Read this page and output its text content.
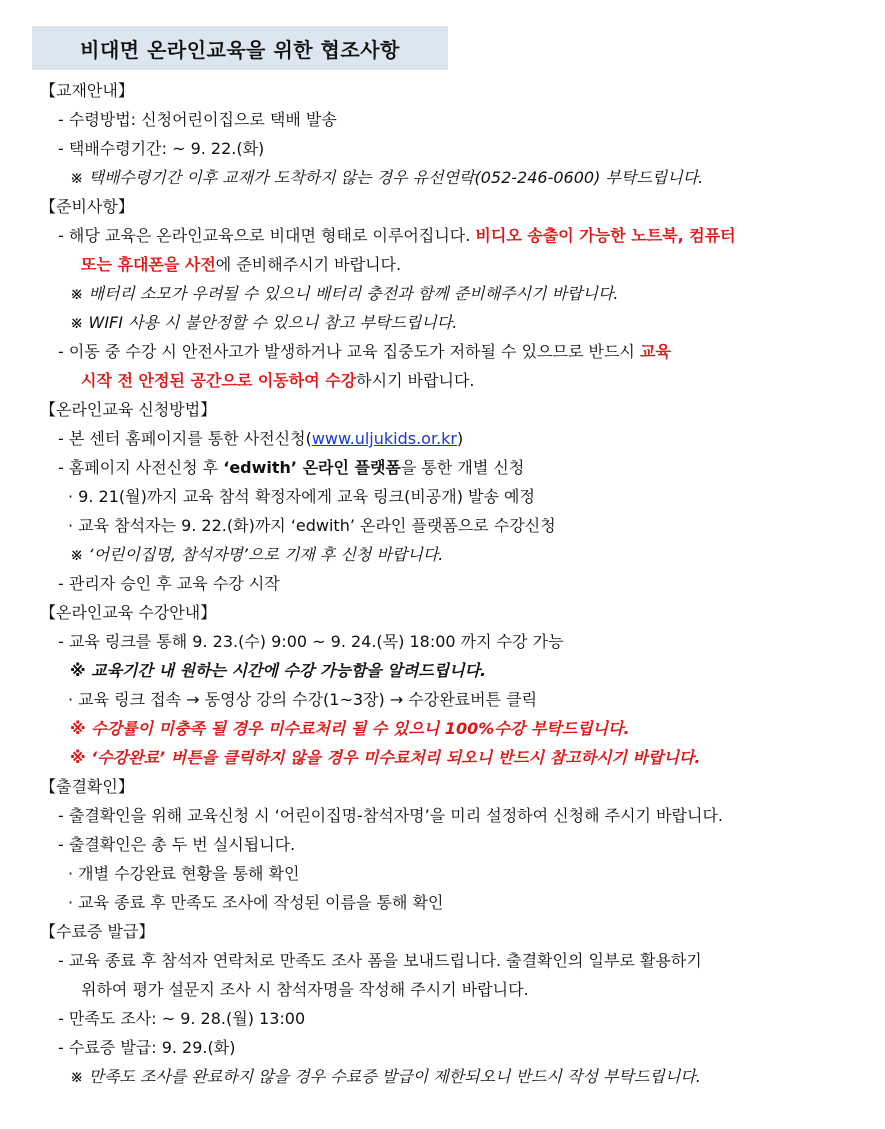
비대면 온라인교육을 위한 협조사항
【교재안내】
- 수령방법: 신청어린이집으로 택배 발송
- 택배수령기간: ~ 9. 22.(화)
※ 택배수령기간 이후 교재가 도착하지 않는 경우 유선연락(052-246-0600) 부탁드립니다.
【준비사항】
- 해당 교육은 온라인교육으로 비대면 형태로 이루어집니다. 비디오 송출이 가능한 노트북, 컴퓨터
또는 휴대폰을 사전에 준비해주시기 바랍니다.
※ 배터리 소모가 우려될 수 있으니 배터리 충전과 함께 준비해주시기 바랍니다.
※ WIFI 사용 시 불안정할 수 있으니 참고 부탁드립니다.
- 이동 중 수강 시 안전사고가 발생하거나 교육 집중도가 저하될 수 있으므로 반드시 교육
시작 전 안정된 공간으로 이동하여 수강하시기 바랍니다.
【온라인교육 신청방법】
- 본 센터 홈페이지를 통한 사전신청(www.uljukids.or.kr)
- 홈페이지 사전신청 후 ‘edwith’ 온라인 플랫폼을 통한 개별 신청
· 9. 21(월)까지 교육 참석 확정자에게 교육 링크(비공개) 발송 예정
· 교육 참석자는 9. 22.(화)까지 ‘edwith’ 온라인 플랫폼으로 수강신청
※ ‘어린이집명, 참석자명’으로 기재 후 신청 바랍니다.
- 관리자 승인 후 교육 수강 시작
【온라인교육 수강안내】
- 교육 링크를 통해 9. 23.(수) 9:00 ~ 9. 24.(목) 18:00 까지 수강 가능
※ 교육기간 내 원하는 시간에 수강 가능함을 알려드립니다.
· 교육 링크 접속 → 동영상 강의 수강(1~3장) → 수강완료버튼 클릭
※ 수강률이 미충족 될 경우 미수료처리 될 수 있으니 100%수강 부탁드립니다.
※ ‘수강완료’ 버튼을 클릭하지 않을 경우 미수료처리 되오니 반드시 참고하시기 바랍니다.
【출결확인】
- 출결확인을 위해 교육신청 시 ‘어린이집명-참석자명’을 미리 설정하여 신청해 주시기 바랍니다.
- 출결확인은 총 두 번 실시됩니다.
· 개별 수강완료 현황을 통해 확인
· 교육 종료 후 만족도 조사에 작성된 이름을 통해 확인
【수료증 발급】
- 교육 종료 후 참석자 연락처로 만족도 조사 폼을 보내드립니다. 출결확인의 일부로 활용하기
위하여 평가 설문지 조사 시 참석자명을 작성해 주시기 바랍니다.
- 만족도 조사: ~ 9. 28.(월) 13:00
- 수료증 발급: 9. 29.(화)
※ 만족도 조사를 완료하지 않을 경우 수료증 발급이 제한되오니 반드시 작성 부탁드립니다.
